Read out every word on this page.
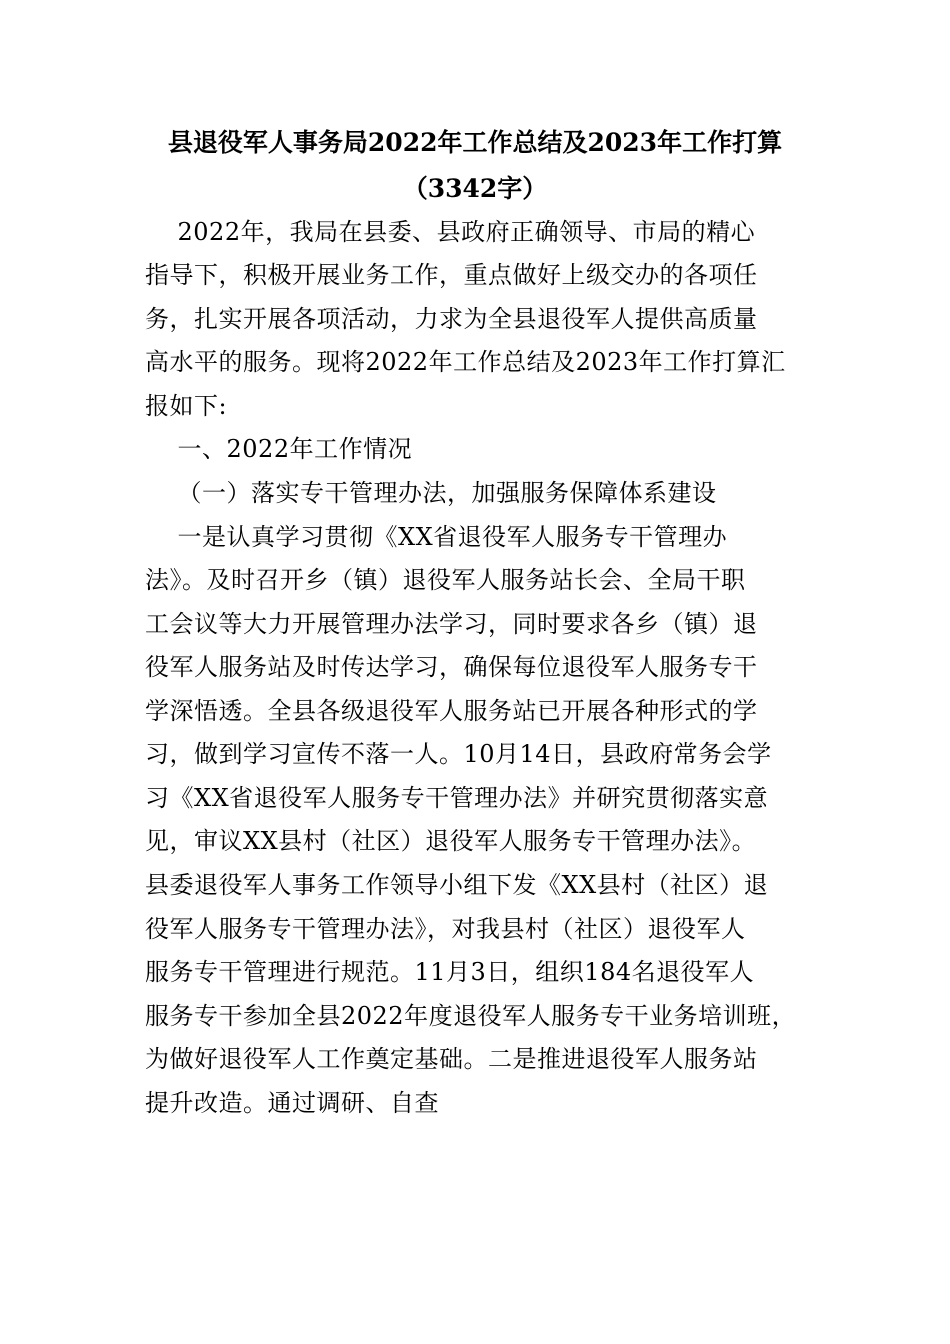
县退役军人事务局2022年工作总结及2023年工作打算
（3342字）
2022年，我局在县委、县政府正确领导、市局的精心
指导下，积极开展业务工作，重点做好上级交办的各项任
务，扎实开展各项活动，力求为全县退役军人提供高质量
高水平的服务。现将2022年工作总结及2023年工作打算汇
报如下:
一、2022年工作情况
（一）落实专干管理办法，加强服务保障体系建设
一是认真学习贯彻《XX省退役军人服务专干管理办
法》。及时召开乡（镇）退役军人服务站长会、全局干职
工会议等大力开展管理办法学习，同时要求各乡（镇）退
役军人服务站及时传达学习，确保每位退役军人服务专干
学深悟透。全县各级退役军人服务站已开展各种形式的学
习，做到学习宣传不落一人。10月14日，县政府常务会学
习《XX省退役军人服务专干管理办法》并研究贯彻落实意
见，审议XX县村（社区）退役军人服务专干管理办法》。
县委退役军人事务工作领导小组下发《XX县村（社区）退
役军人服务专干管理办法》，对我县村（社区）退役军人
服务专干管理进行规范。11月3日，组织184名退役军人
服务专干参加全县2022年度退役军人服务专干业务培训班，
为做好退役军人工作奠定基础。二是推进退役军人服务站
提升改造。通过调研、自查
